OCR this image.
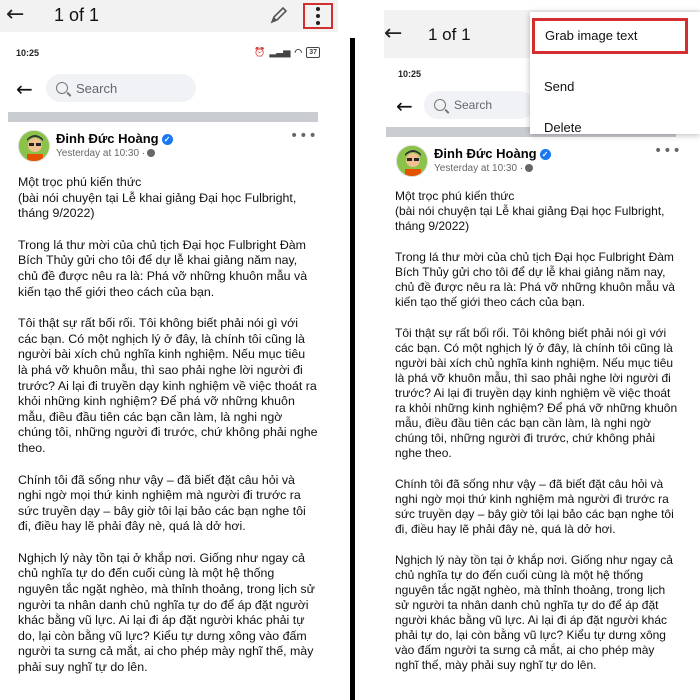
← 1 of 1
10:25	⏰ ▂▃▅ ◠	37
←	Search
Đinh Đức Hoàng ✓
Yesterday at 10:30 ·
•••

Một trọc phú kiến thức
(bài nói chuyện tại Lễ khai giảng Đại học Fulbright, tháng 9/2022)

Trong lá thư mời của chủ tịch Đại học Fulbright Đàm Bích Thủy gửi cho tôi để dự lễ khai giảng năm nay, chủ đề được nêu ra là: Phá vỡ những khuôn mẫu và kiến tạo thế giới theo cách của bạn.

Tôi thật sự rất bối rối. Tôi không biết phải nói gì với các bạn. Có một nghịch lý ở đây, là chính tôi cũng là người bài xích chủ nghĩa kinh nghiệm. Nếu mục tiêu là phá vỡ khuôn mẫu, thì sao phải nghe lời người đi trước? Ai lại đi truyền dạy kinh nghiệm về việc thoát ra khỏi những kinh nghiệm? Để phá vỡ những khuôn mẫu, điều đầu tiên các bạn cần làm, là nghi ngờ chúng tôi, những người đi trước, chứ không phải nghe theo.

Chính tôi đã sống như vậy – đã biết đặt câu hỏi và nghi ngờ mọi thứ kinh nghiệm mà người đi trước ra sức truyền dạy – bây giờ tôi lại bảo các bạn nghe tôi đi, điều hay lẽ phải đây nè, quá là dở hơi.

Nghịch lý này tồn tại ở khắp nơi. Giống như ngay cả chủ nghĩa tự do đến cuối cùng là một hệ thống nguyên tắc ngặt nghèo, mà thỉnh thoảng, trong lịch sử người ta nhân danh chủ nghĩa tự do để áp đặt người khác bằng vũ lực. Ai lại đi áp đặt người khác phải tự do, lại còn bằng vũ lực? Kiểu tự dưng xông vào đấm người ta sưng cả mắt, ai cho phép mày nghĩ thế, mày phải suy nghĩ tự do lên.

← 1 of 1
10:25
←	Search
Đinh Đức Hoàng ✓
Yesterday at 10:30 ·
•••

Một trọc phú kiến thức
(bài nói chuyện tại Lễ khai giảng Đại học Fulbright, tháng 9/2022)

Trong lá thư mời của chủ tịch Đại học Fulbright Đàm Bích Thủy gửi cho tôi để dự lễ khai giảng năm nay, chủ đề được nêu ra là: Phá vỡ những khuôn mẫu và kiến tạo thế giới theo cách của bạn.

Tôi thật sự rất bối rối. Tôi không biết phải nói gì với các bạn. Có một nghịch lý ở đây, là chính tôi cũng là người bài xích chủ nghĩa kinh nghiệm. Nếu mục tiêu là phá vỡ khuôn mẫu, thì sao phải nghe lời người đi trước? Ai lại đi truyền dạy kinh nghiệm về việc thoát ra khỏi những kinh nghiệm? Để phá vỡ những khuôn mẫu, điều đầu tiên các bạn cần làm, là nghi ngờ chúng tôi, những người đi trước, chứ không phải nghe theo.

Chính tôi đã sống như vậy – đã biết đặt câu hỏi và nghi ngờ mọi thứ kinh nghiệm mà người đi trước ra sức truyền dạy – bây giờ tôi lại bảo các bạn nghe tôi đi, điều hay lẽ phải đây nè, quá là dở hơi.

Nghịch lý này tồn tại ở khắp nơi. Giống như ngay cả chủ nghĩa tự do đến cuối cùng là một hệ thống nguyên tắc ngặt nghèo, mà thỉnh thoảng, trong lịch sử người ta nhân danh chủ nghĩa tự do để áp đặt người khác bằng vũ lực. Ai lại đi áp đặt người khác phải tự do, lại còn bằng vũ lực? Kiểu tự dưng xông vào đấm người ta sưng cả mắt, ai cho phép mày nghĩ thế, mày phải suy nghĩ tự do lên.

Grab image text
Send
Delete
